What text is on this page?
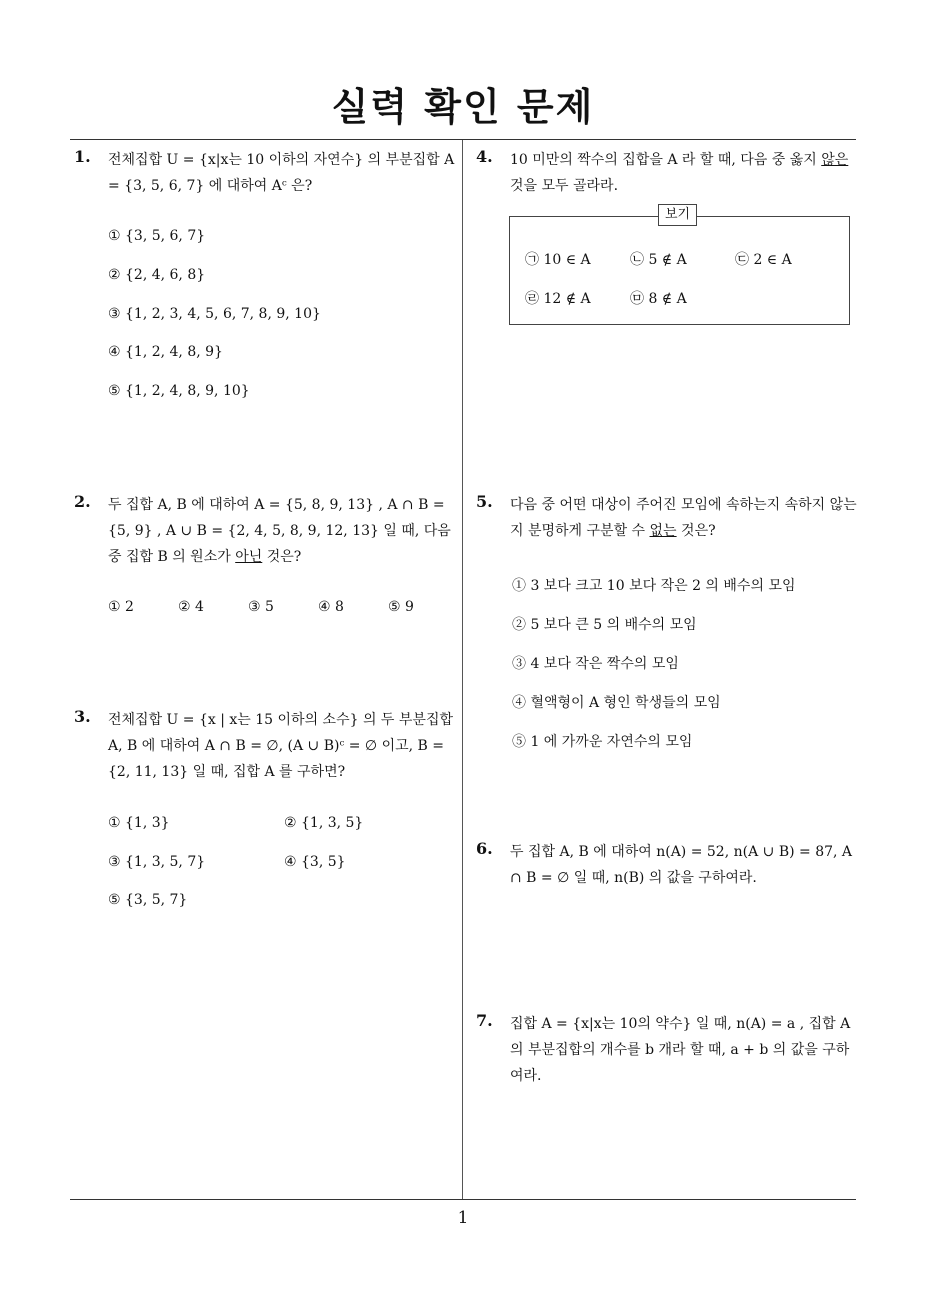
실력 확인 문제
1. 전체집합 U = {x|x는 10 이하의 자연수} 의 부분집합 A = {3, 5, 6, 7} 에 대하여 Aᶜ 은?
① {3, 5, 6, 7}
② {2, 4, 6, 8}
③ {1, 2, 3, 4, 5, 6, 7, 8, 9, 10}
④ {1, 2, 4, 8, 9}
⑤ {1, 2, 4, 8, 9, 10}
2. 두 집합 A, B 에 대하여 A = {5, 8, 9, 13} , A ∩ B = {5, 9} , A ∪ B = {2, 4, 5, 8, 9, 12, 13} 일 때, 다음 중 집합 B 의 원소가 아닌 것은?
① 2	② 4	③ 5	④ 8	⑤ 9
3. 전체집합 U = {x | x는 15 이하의 소수} 의 두 부분집합 A, B 에 대하여 A ∩ B = ∅, (A ∪ B)ᶜ = ∅ 이고, B = {2, 11, 13} 일 때, 집합 A 를 구하면?
① {1, 3}	② {1, 3, 5}
③ {1, 3, 5, 7}	④ {3, 5}
⑤ {3, 5, 7}
4. 10 미만의 짝수의 집합을 A 라 할 때, 다음 중 옳지 않은 것을 모두 골라라.
보기
㉠ 10 ∈ A	㉡ 5 ∉ A	㉢ 2 ∈ A
㉣ 12 ∉ A	㉤ 8 ∉ A
5. 다음 중 어떤 대상이 주어진 모임에 속하는지 속하지 않는지 분명하게 구분할 수 없는 것은?
① 3 보다 크고 10 보다 작은 2 의 배수의 모임
② 5 보다 큰 5 의 배수의 모임
③ 4 보다 작은 짝수의 모임
④ 혈액형이 A 형인 학생들의 모임
⑤ 1 에 가까운 자연수의 모임
6. 두 집합 A, B 에 대하여 n(A) = 52, n(A ∪ B) = 87, A ∩ B = ∅ 일 때, n(B) 의 값을 구하여라.
7. 집합 A = {x|x는 10의 약수} 일 때, n(A) = a , 집합 A 의 부분집합의 개수를 b 개라 할 때, a + b 의 값을 구하여라.
1
